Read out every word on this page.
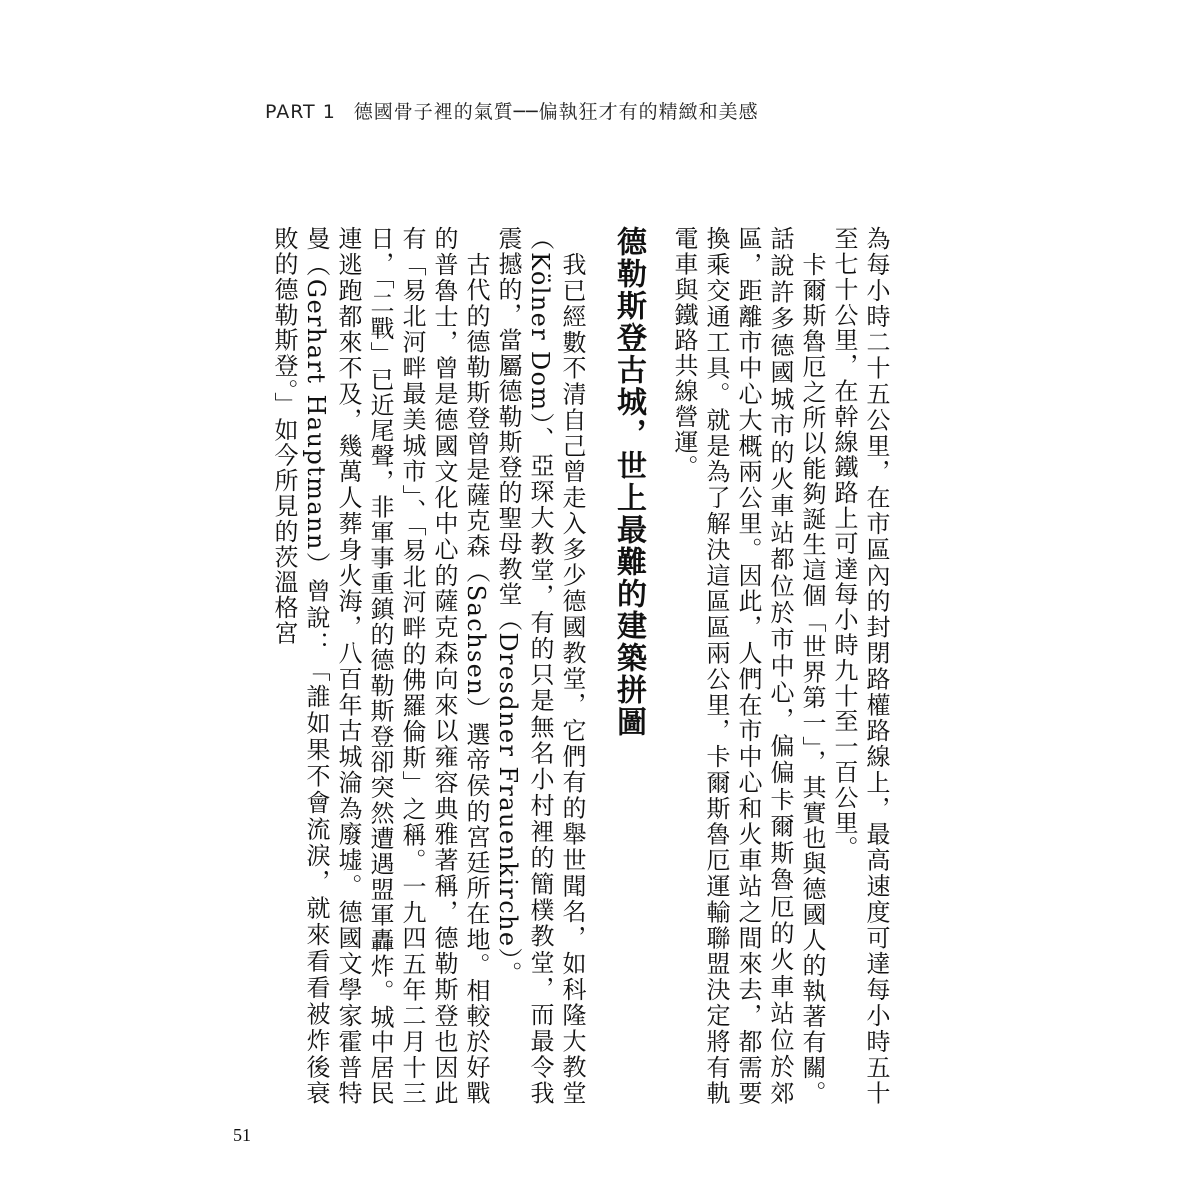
PART 1 德國骨子裡的氣質──偏執狂才有的精緻和美感

為每小時二十五公里，在市區內的封閉路權路線上，最高速度可達每小時五十至七十公里，在幹線鐵路上可達每小時九十至一百公里。

卡爾斯魯厄之所以能夠誕生這個「世界第一」，其實也與德國人的執著有關。話說許多德國城市的火車站都位於市中心，偏偏卡爾斯魯厄的火車站位於郊區，距離市中心大概兩公里。因此，人們在市中心和火車站之間來去，都需要換乘交通工具。就是為了解決這區區兩公里，卡爾斯魯厄運輸聯盟決定將有軌電車與鐵路共線營運。

德勒斯登古城，世上最難的建築拼圖

我已經數不清自己曾走入多少德國教堂，它們有的舉世聞名，如科隆大教堂（Kölner Dom）、亞琛大教堂，有的只是無名小村裡的簡樸教堂，而最令我震撼的，當屬德勒斯登的聖母教堂（Dresdner Frauenkirche）。

古代的德勒斯登曾是薩克森（Sachsen）選帝侯的宮廷所在地。相較於好戰的普魯士，曾是德國文化中心的薩克森向來以雍容典雅著稱，德勒斯登也因此有「易北河畔最美城市」、「易北河畔的佛羅倫斯」之稱。一九四五年二月十三日，「二戰」已近尾聲，非軍事重鎮的德勒斯登卻突然遭遇盟軍轟炸。城中居民連逃跑都來不及，幾萬人葬身火海，八百年古城淪為廢墟。德國文學家霍普特曼（Gerhart Hauptmann）曾說：「誰如果不會流淚，就來看看被炸後衰敗的德勒斯登。」如今所見的茨溫格宮

51
